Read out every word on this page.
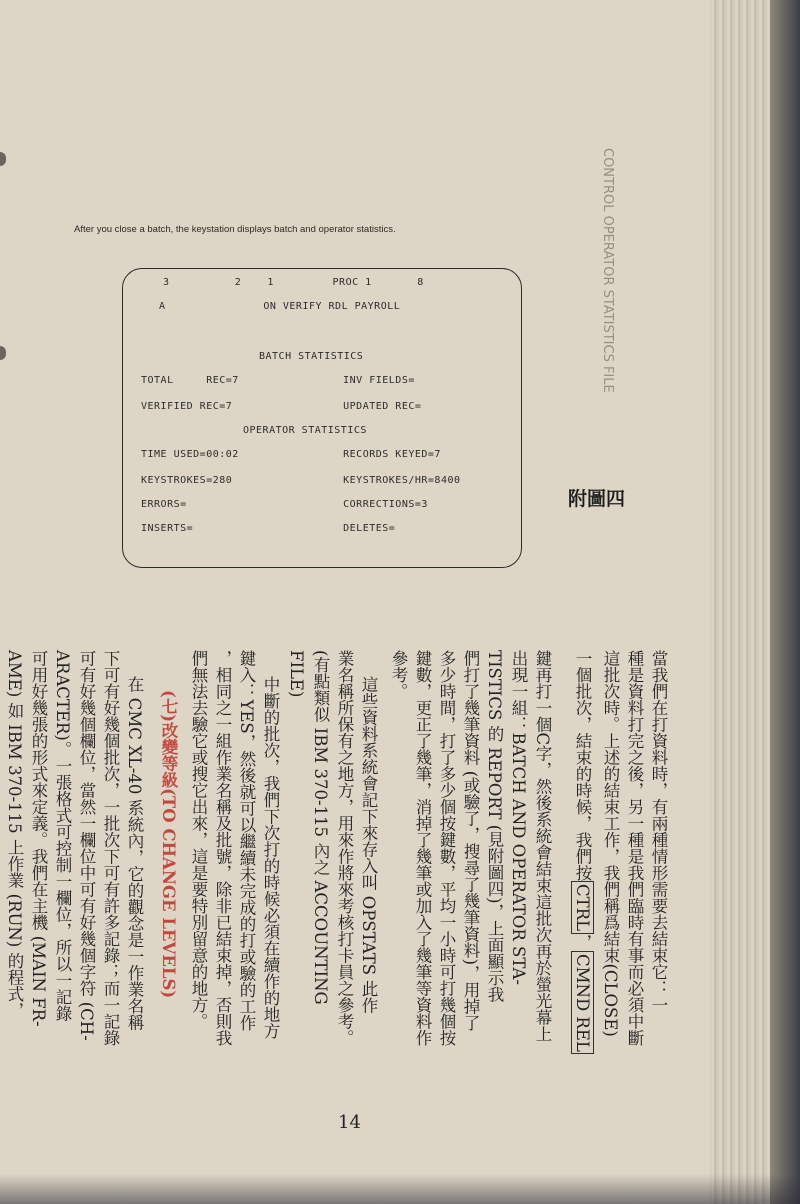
CONTROL OPERATOR STATISTICS FILE
After you close a batch, the keystation displays batch and operator statistics.
3          2    1         PROC 1       8
A               ON VERIFY RDL PAYROLL
BATCH STATISTICS
TOTAL     REC=7                INV FIELDS=
VERIFIED REC=7                 UPDATED REC=
OPERATOR STATISTICS
TIME USED=00:02                RECORDS KEYED=7
KEYSTROKES=280                 KEYSTROKES/HR=8400
ERRORS=                        CORRECTIONS=3
INSERTS=                       DELETES=
附圖四
當我們在打資料時，有兩種情形需要去結束它：一
種是資料打完之後，另一種是我們臨時有事而必須中斷
這批次時。上述的結束工作，我們稱爲結束(CLOSE)
一個批次，結束的時候，我們按CTRL，CMND REL
鍵再打一個C字，然後系統會結束這批次再於螢光幕上
出現一組：BATCH AND OPERATOR STA-
TISTICS 的 REPORT (見附圖四)，上面顯示我
們打了幾筆資料 (或驗了，搜尋了幾筆資料)，用掉了
多少時間，打了多少個按鍵數，平均一小時可打幾個按
鍵數，更正了幾筆，消掉了幾筆或加入了幾筆等資料作
參考。
這些資料系統會記下來存入叫 OPSTATS 此作
業名稱所保有之地方，用來作將來考核打卡員之參考。
(有點類似 IBM 370-115 內之 ACCOUNTING
FILE)
中斷的批次，我們下次打的時候必須在續作的地方
鍵入：YES，然後就可以繼續未完成的打或驗的工作
，相同之一組作業名稱及批號，除非已結束掉，否則我
們無法去驗它或搜它出來，這是要特別留意的地方。
(七)改變等級(TO CHANGE LEVELS)
在 CMC XL-40 系統內，它的觀念是一作業名稱
下可有好幾個批次，一批次下可有許多記錄；而一記錄
可有好幾個欄位，當然一欄位中可有好幾個字符 (CH-
ARACTER)。一張格式可控制一欄位，所以一記錄
可用好幾張的形式來定義。我們在主機 (MAIN FR-
AME) 如 IBM 370-115 上作業 (RUN) 的程式，
14
